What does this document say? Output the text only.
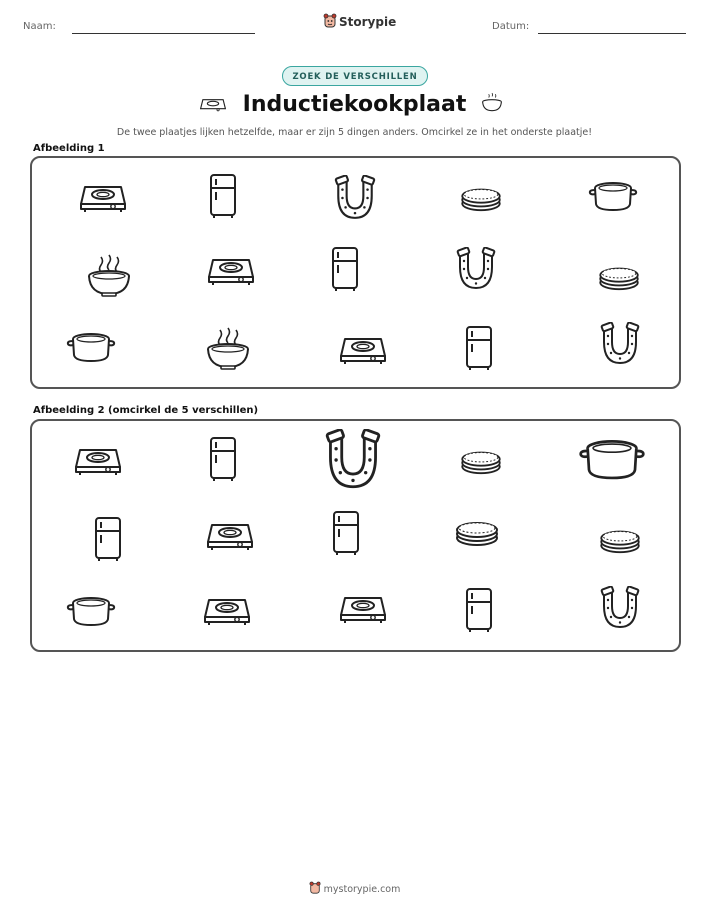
Naam:	Storypie	Datum:
ZOEK DE VERSCHILLEN
Inductiekookplaat
De twee plaatjes lijken hetzelfde, maar er zijn 5 dingen anders. Omcirkel ze in het onderste plaatje!
Afbeelding 1
Afbeelding 2 (omcirkel de 5 verschillen)
mystorypie.com
